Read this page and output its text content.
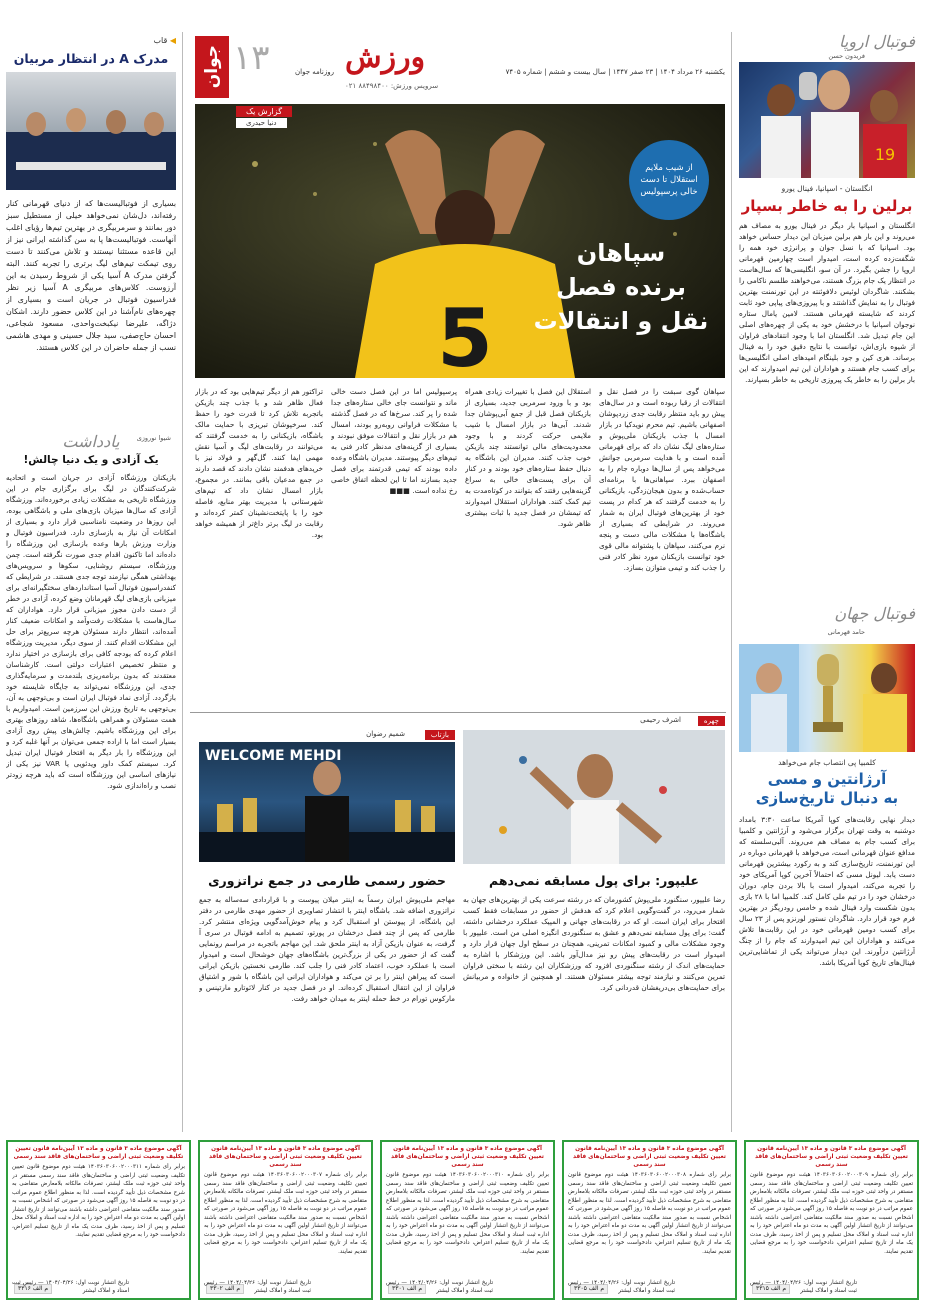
فوتبال اروپا
فریدون حسن
19
انگلستان - اسپانیا، فینال یورو
برلین را به خاطر بسپار
انگلستان و اسپانیا بار دیگر در فینال یورو به مصاف هم می‌روند و این بار هم برلین میزبان این دیدار حساس خواهد بود. اسپانیا که با نسل جوان و پرانرژی خود همه را شگفت‌زده کرده است، امیدوار است چهارمین قهرمانی اروپا را جشن بگیرد. در آن سو، انگلیسی‌ها که سال‌هاست در انتظار یک جام بزرگ هستند، می‌خواهند طلسم ناکامی را بشکنند. شاگردان لوئیس دلافوئنته در این تورنمنت بهترین فوتبال را به نمایش گذاشتند و با پیروزی‌های پیاپی خود ثابت کردند که شایسته قهرمانی هستند. لامین یامال ستاره نوجوان اسپانیا با درخشش خود به یکی از چهره‌های اصلی این جام تبدیل شد. انگلستان اما با وجود انتقادهای فراوان از شیوه بازی‌اش، توانست با نتایج دقیق خود را به فینال برساند. هری کین و جود بلینگام امیدهای اصلی انگلیسی‌ها برای کسب جام هستند و هواداران این تیم امیدوارند که این بار برلین را به خاطر یک پیروزی تاریخی به خاطر بسپارند.
فوتبال جهان
حامد قهرمانی
کلمبیا پی انتصاب جام می‌خواهد
آرژانتین و مسی
به دنبال تاریخ‌سازی
دیدار نهایی رقابت‌های کوپا آمریکا ساعت ۳:۳۰ بامداد دوشنبه به وقت تهران برگزار می‌شود و آرژانتین و کلمبیا برای کسب جام به مصاف هم می‌روند. آلبی‌سلسته که مدافع عنوان قهرمانی است، می‌خواهد با قهرمانی دوباره در این تورنمنت، تاریخ‌سازی کند و به رکورد بیشترین قهرمانی دست یابد. لیونل مسی که احتمالاً آخرین کوپا آمریکای خود را تجربه می‌کند، امیدوار است با بالا بردن جام، دوران درخشان خود را در تیم ملی کامل کند. کلمبیا اما با ۲۸ بازی بدون شکست وارد فینال شده و خامس رودریگز در بهترین فرم خود قرار دارد. شاگردان نستور لورنزو پس از ۲۳ سال برای کسب دومین قهرمانی خود در این رقابت‌ها تلاش می‌کنند و هواداران این تیم امیدوارند که جام را از چنگ آرژانتین درآورند. این دیدار می‌تواند یکی از تماشایی‌ترین فینال‌های تاریخ کوپا آمریکا باشد.
جوان ۱۳	ورزش	یکشنبه ۲۶ مرداد ۱۴۰۴ | ۲۳ صفر ۱۴۴۷ | سال بیست و ششم | شماره ۷۴۰۵
روزنامه جوان
سرویس ورزش: ۸۸۴۹۸۴۰۰ ۰۲۱
5
گزارش یک
دنیا حیدری
از شیب ملایم استقلال تا دست خالی پرسپولیس
سپاهان
برنده فصل
نقل و انتقالات
سپاهان گوی سبقت را در فصل نقل و انتقالات از رقبا ربوده است و در سال‌های پیش رو باید منتظر رقابت جدی زردپوشان اصفهانی باشیم. تیم محرم نویدکیا در بازار امسال با جذب بازیکنان ملی‌پوش و ستاره‌های لیگ نشان داد که برای قهرمانی آمده است و با هدایت سرمربی جوانش می‌خواهد پس از سال‌ها دوباره جام را به اصفهان ببرد. سپاهانی‌ها با برنامه‌ای حساب‌شده و بدون هیجان‌زدگی، بازیکنانی را به خدمت گرفتند که هر کدام در پست خود از بهترین‌های فوتبال ایران به شمار می‌روند. در شرایطی که بسیاری از باشگاه‌ها با مشکلات مالی دست و پنجه نرم می‌کنند، سپاهان با پشتوانه مالی قوی خود توانست بازیکنان مورد نظر کادر فنی را جذب کند و تیمی متوازن بسازد.
استقلال این فصل با تغییرات زیادی همراه بود و با ورود سرمربی جدید، بسیاری از بازیکنان فصل قبل از جمع آبی‌پوشان جدا شدند. آبی‌ها در بازار امسال با شیب ملایمی حرکت کردند و با وجود محدودیت‌های مالی توانستند چند بازیکن خوب جذب کنند. مدیران این باشگاه به دنبال حفظ ستاره‌های خود بودند و در کنار آن برای پست‌های خالی به سراغ گزینه‌هایی رفتند که بتوانند در کوتاه‌مدت به تیم کمک کنند. هواداران استقلال امیدوارند که تیمشان در فصل جدید با ثبات بیشتری ظاهر شود.
پرسپولیس اما در این فصل دست خالی ماند و نتوانست جای خالی ستاره‌های جدا شده را پر کند. سرخ‌ها که در فصل گذشته با مشکلات فراوانی روبه‌رو بودند، امسال هم در بازار نقل و انتقالات موفق نبودند و بسیاری از گزینه‌های مدنظر کادر فنی به تیم‌های دیگر پیوستند. مدیران باشگاه وعده داده بودند که تیمی قدرتمند برای فصل جدید بسازند اما تا این لحظه اتفاق خاصی رخ نداده است. ■■■
تراکتور هم از دیگر تیم‌هایی بود که در بازار فعال ظاهر شد و با جذب چند بازیکن باتجربه تلاش کرد تا قدرت خود را حفظ کند. سرخپوشان تبریزی با حمایت مالک باشگاه، بازیکنانی را به خدمت گرفتند که می‌توانند در رقابت‌های لیگ و آسیا نقش مهمی ایفا کنند. گل‌گهر و فولاد نیز با خریدهای هدفمند نشان دادند که قصد دارند در جمع مدعیان باقی بمانند. در مجموع، بازار امسال نشان داد که تیم‌های شهرستانی با مدیریت بهتر منابع، فاصله خود را با پایتخت‌نشینان کمتر کرده‌اند و رقابت در لیگ برتر داغ‌تر از همیشه خواهد بود.
◀ قاب
مدرک A در انتظار مربیان
بسیاری از فوتبالیست‌ها که از دنیای قهرمانی کنار رفته‌اند، دل‌شان نمی‌خواهد خیلی از مستطیل سبز دور بمانند و سرمربیگری در بهترین تیم‌ها رؤیای اغلب آنهاست. فوتبالیست‌ها پا به سن گذاشته ایرانی نیز از این قاعده مستثنا نیستند و تلاش می‌کنند تا دست روی تیمکت تیم‌های لیگ برتری را تجربه کنند. البته گرفتن مدرک A آسیا یکی از شروط رسیدن به این آرزوست. کلاس‌های مربیگری A آسیا زیر نظر فدراسیون فوتبال در جریان است و بسیاری از چهره‌های نام‌آشنا در این کلاس حضور دارند. اشکان دژاگه، علیرضا نیکبخت‌واحدی، مسعود شجاعی، احسان حاج‌صفی، سید جلال حسینی و مهدی هاشمی نسب از جمله حاضران در این کلاس هستند.
یادداشت	شیوا نوروزی
یک آزادی و یک دنیا چالش!
بازیکنان ورزشگاه آزادی در جریان است و اتحادیه شرکت‌کنندگان در لیگ برای برگزاری جام در این ورزشگاه تاریخی به مشکلات زیادی برخورده‌اند. ورزشگاه آزادی که سال‌ها میزبان بازی‌های ملی و باشگاهی بوده، این روزها در وضعیت نامناسبی قرار دارد و بسیاری از امکانات آن نیاز به بازسازی دارد. فدراسیون فوتبال و وزارت ورزش بارها وعده بازسازی این ورزشگاه را داده‌اند اما تاکنون اقدام جدی صورت نگرفته است. چمن ورزشگاه، سیستم روشنایی، سکوها و سرویس‌های بهداشتی همگی نیازمند توجه جدی هستند. در شرایطی که کنفدراسیون فوتبال آسیا استانداردهای سختگیرانه‌ای برای میزبانی بازی‌های لیگ قهرمانان وضع کرده، آزادی در خطر از دست دادن مجوز میزبانی قرار دارد. هواداران که سال‌هاست با مشکلات رفت‌وآمد و امکانات ضعیف کنار آمده‌اند، انتظار دارند مسئولان هرچه سریع‌تر برای حل این مشکلات اقدام کنند. از سوی دیگر، مدیریت ورزشگاه اعلام کرده که بودجه کافی برای بازسازی در اختیار ندارد و منتظر تخصیص اعتبارات دولتی است. کارشناسان معتقدند که بدون برنامه‌ریزی بلندمدت و سرمایه‌گذاری جدی، این ورزشگاه نمی‌تواند به جایگاه شایسته خود بازگردد. آزادی نماد فوتبال ایران است و بی‌توجهی به آن، بی‌توجهی به تاریخ ورزش این سرزمین است. امیدواریم با همت مسئولان و همراهی باشگاه‌ها، شاهد روزهای بهتری برای این ورزشگاه باشیم. چالش‌های پیش روی آزادی بسیار است اما با اراده جمعی می‌توان بر آنها غلبه کرد و این ورزشگاه را بار دیگر به افتخار فوتبال ایران تبدیل کرد. سیستم کمک داور ویدئویی یا VAR نیز یکی از نیازهای اساسی این ورزشگاه است که باید هرچه زودتر نصب و راه‌اندازی شود.
چهره
اشرف رحیمی
علیپور: برای پول مسابقه نمی‌دهم
رضا علیپور، سنگنورد ملی‌پوش کشورمان که در رشته سرعت یکی از بهترین‌های جهان به شمار می‌رود، در گفت‌وگویی اعلام کرد که هدفش از حضور در مسابقات فقط کسب افتخار برای ایران است. او که در رقابت‌های جهانی و المپیک عملکرد درخشانی داشته، گفت: برای پول مسابقه نمی‌دهم و عشق به سنگنوردی انگیزه اصلی من است. علیپور با وجود مشکلات مالی و کمبود امکانات تمرینی، همچنان در سطح اول جهان قرار دارد و امیدوار است در رقابت‌های پیش رو نیز مدال‌آور باشد. این ورزشکار با اشاره به حمایت‌های اندک از رشته سنگنوردی افزود که ورزشکاران این رشته با سختی فراوان تمرین می‌کنند و نیازمند توجه بیشتر مسئولان هستند. او همچنین از خانواده و مربیانش برای حمایت‌های بی‌دریغشان قدردانی کرد.
بازتاب
شمیم رضوان
WELCOME MEHDI
حضور رسمی طارمی در جمع نراتزوری
مهاجم ملی‌پوش ایران رسماً به اینتر میلان پیوست و با قراردادی سه‌ساله به جمع نراتزوری اضافه شد. باشگاه اینتر با انتشار تصاویری از حضور مهدی طارمی در دفتر این باشگاه، از پیوستن او استقبال کرد و پیام خوش‌آمدگویی ویژه‌ای منتشر کرد. طارمی که پس از چند فصل درخشان در پورتو، تصمیم به ادامه فوتبال در سری آ گرفت، به عنوان بازیکن آزاد به اینتر ملحق شد. این مهاجم باتجربه در مراسم رونمایی گفت که از حضور در یکی از بزرگ‌ترین باشگاه‌های جهان خوشحال است و امیدوار است با عملکرد خوب، اعتماد کادر فنی را جلب کند. طارمی نخستین بازیکن ایرانی است که پیراهن اینتر را بر تن می‌کند و هواداران ایرانی این باشگاه با شور و اشتیاق فراوان از این انتقال استقبال کرده‌اند. او در فصل جدید در کنار لائوتارو مارتینس و مارکوس تورام در خط حمله اینتر به میدان خواهد رفت.
آگهی موضوع ماده ۳ قانون و ماده ۱۳ آیین‌نامه قانون تعیین تکلیف وضعیت ثبتی اراضی و ساختمان‌های فاقد سند رسمی
برابر رأی شماره ۱۴۰۳۶۰۳۰۶۰۰۲۰۰۰۳۰۹ هیئت دوم موضوع قانون تعیین تکلیف وضعیت ثبتی اراضی و ساختمان‌های فاقد سند رسمی مستقر در واحد ثبتی حوزه ثبت ملک لیشتر، تصرفات مالکانه بلامعارض متقاضی به شرح مشخصات ذیل تأیید گردیده است. لذا به منظور اطلاع عموم مراتب در دو نوبت به فاصله ۱۵ روز آگهی می‌شود در صورتی که اشخاص نسبت به صدور سند مالکیت متقاضی اعتراضی داشته باشند می‌توانند از تاریخ انتشار اولین آگهی به مدت دو ماه اعتراض خود را به اداره ثبت اسناد و املاک محل تسلیم و پس از اخذ رسید، ظرف مدت یک ماه از تاریخ تسلیم اعتراض، دادخواست خود را به مرجع قضایی تقدیم نمایند.
م الف ۳۳۱۵
تاریخ انتشار نوبت اول: ۱۴۰۴/۰۴/۲۶ — رئیس ثبت اسناد و املاک لیشتر
آگهی موضوع ماده ۳ قانون و ماده ۱۳ آیین‌نامه قانون تعیین تکلیف وضعیت ثبتی اراضی و ساختمان‌های فاقد سند رسمی
برابر رأی شماره ۱۴۰۳۶۰۳۰۶۰۰۲۰۰۰۳۰۸ هیئت دوم موضوع قانون تعیین تکلیف وضعیت ثبتی اراضی و ساختمان‌های فاقد سند رسمی مستقر در واحد ثبتی حوزه ثبت ملک لیشتر، تصرفات مالکانه بلامعارض متقاضی به شرح مشخصات ذیل تأیید گردیده است. لذا به منظور اطلاع عموم مراتب در دو نوبت به فاصله ۱۵ روز آگهی می‌شود در صورتی که اشخاص نسبت به صدور سند مالکیت متقاضی اعتراضی داشته باشند می‌توانند از تاریخ انتشار اولین آگهی به مدت دو ماه اعتراض خود را به اداره ثبت اسناد و املاک محل تسلیم و پس از اخذ رسید، ظرف مدت یک ماه از تاریخ تسلیم اعتراض، دادخواست خود را به مرجع قضایی تقدیم نمایند.
م الف ۳۳۰۵
تاریخ انتشار نوبت اول: ۱۴۰۴/۰۴/۲۶ — رئیس ثبت اسناد و املاک لیشتر
آگهی موضوع ماده ۳ قانون و ماده ۱۳ آیین‌نامه قانون تعیین تکلیف وضعیت ثبتی اراضی و ساختمان‌های فاقد سند رسمی
برابر رأی شماره ۱۴۰۳۶۰۳۰۶۰۰۲۰۰۰۳۱۰ هیئت دوم موضوع قانون تعیین تکلیف وضعیت ثبتی اراضی و ساختمان‌های فاقد سند رسمی مستقر در واحد ثبتی حوزه ثبت ملک لیشتر، تصرفات مالکانه بلامعارض متقاضی به شرح مشخصات ذیل تأیید گردیده است. لذا به منظور اطلاع عموم مراتب در دو نوبت به فاصله ۱۵ روز آگهی می‌شود در صورتی که اشخاص نسبت به صدور سند مالکیت متقاضی اعتراضی داشته باشند می‌توانند از تاریخ انتشار اولین آگهی به مدت دو ماه اعتراض خود را به اداره ثبت اسناد و املاک محل تسلیم و پس از اخذ رسید، ظرف مدت یک ماه از تاریخ تسلیم اعتراض، دادخواست خود را به مرجع قضایی تقدیم نمایند.
م الف ۳۳۰۱
تاریخ انتشار نوبت اول: ۱۴۰۴/۰۴/۲۶ — رئیس ثبت اسناد و املاک لیشتر
آگهی موضوع ماده ۳ قانون و ماده ۱۳ آیین‌نامه قانون تعیین تکلیف وضعیت ثبتی اراضی و ساختمان‌های فاقد سند رسمی
برابر رأی شماره ۱۴۰۳۶۰۳۰۶۰۰۲۰۰۰۳۰۷ هیئت دوم موضوع قانون تعیین تکلیف وضعیت ثبتی اراضی و ساختمان‌های فاقد سند رسمی مستقر در واحد ثبتی حوزه ثبت ملک لیشتر، تصرفات مالکانه بلامعارض متقاضی به شرح مشخصات ذیل تأیید گردیده است. لذا به منظور اطلاع عموم مراتب در دو نوبت به فاصله ۱۵ روز آگهی می‌شود در صورتی که اشخاص نسبت به صدور سند مالکیت متقاضی اعتراضی داشته باشند می‌توانند از تاریخ انتشار اولین آگهی به مدت دو ماه اعتراض خود را به اداره ثبت اسناد و املاک محل تسلیم و پس از اخذ رسید، ظرف مدت یک ماه از تاریخ تسلیم اعتراض، دادخواست خود را به مرجع قضایی تقدیم نمایند.
م الف ۳۳۰۲
تاریخ انتشار نوبت اول: ۱۴۰۴/۰۴/۲۶ — رئیس ثبت اسناد و املاک لیشتر
آگهی موضوع ماده ۳ قانون و ماده ۱۳ آیین‌نامه قانون تعیین تکلیف وضعیت ثبتی اراضی و ساختمان‌های فاقد سند رسمی
برابر رأی شماره ۱۴۰۳۶۰۳۰۶۰۰۲۰۰۰۳۱۱ هیئت دوم موضوع قانون تعیین تکلیف وضعیت ثبتی اراضی و ساختمان‌های فاقد سند رسمی مستقر در واحد ثبتی حوزه ثبت ملک لیشتر، تصرفات مالکانه بلامعارض متقاضی به شرح مشخصات ذیل تأیید گردیده است. لذا به منظور اطلاع عموم مراتب در دو نوبت به فاصله ۱۵ روز آگهی می‌شود در صورتی که اشخاص نسبت به صدور سند مالکیت متقاضی اعتراضی داشته باشند می‌توانند از تاریخ انتشار اولین آگهی به مدت دو ماه اعتراض خود را به اداره ثبت اسناد و املاک محل تسلیم و پس از اخذ رسید، ظرف مدت یک ماه از تاریخ تسلیم اعتراض، دادخواست خود را به مرجع قضایی تقدیم نمایند.
م الف ۳۳۱۶
تاریخ انتشار نوبت اول: ۱۴۰۴/۰۴/۲۶ — رئیس ثبت اسناد و املاک لیشتر
